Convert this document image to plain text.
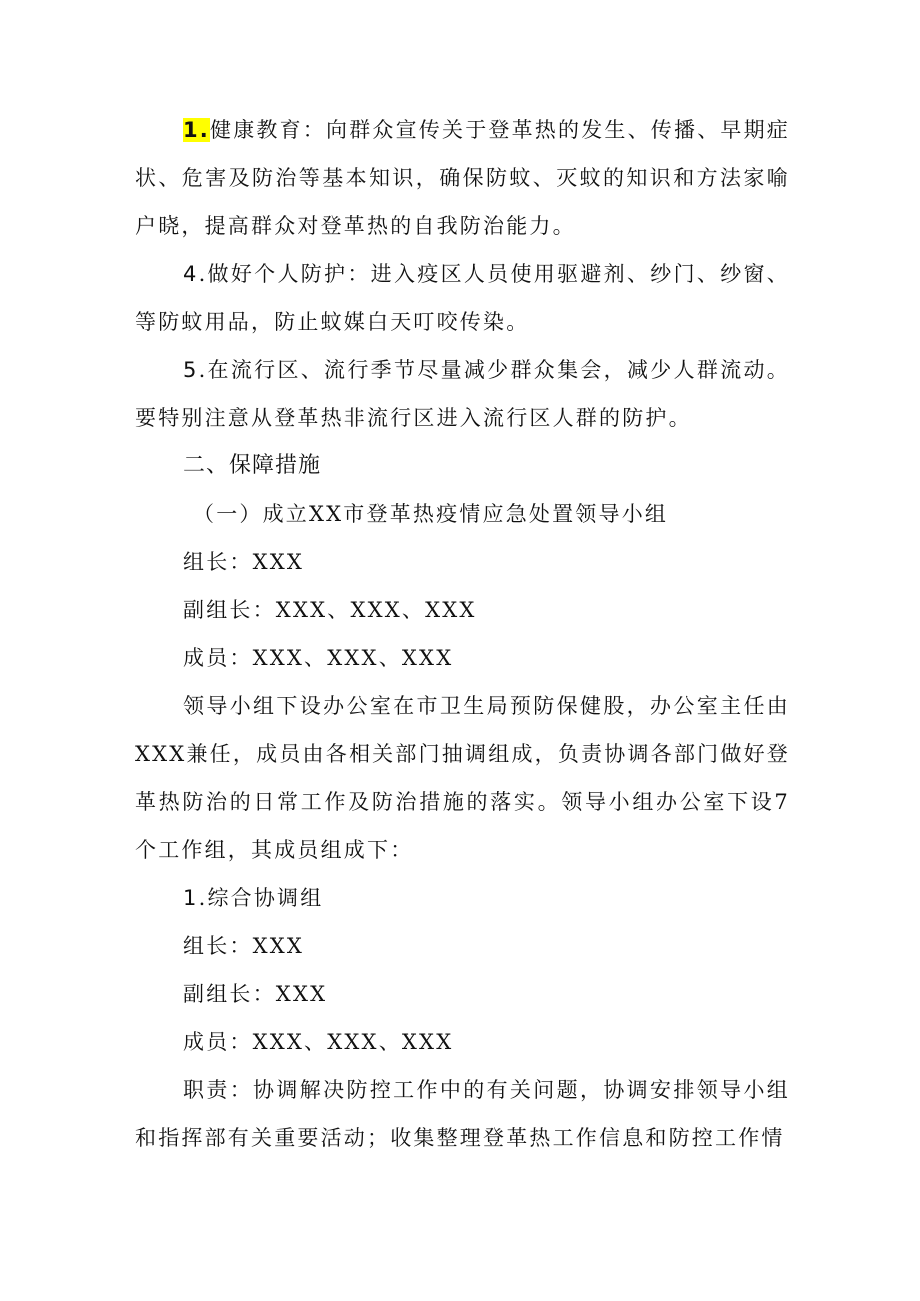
1.健康教育：向群众宣传关于登革热的发生、传播、早期症状、危害及防治等基本知识，确保防蚊、灭蚊的知识和方法家喻户晓，提高群众对登革热的自我防治能力。

4.做好个人防护：进入疫区人员使用驱避剂、纱门、纱窗、等防蚊用品，防止蚊媒白天叮咬传染。

5.在流行区、流行季节尽量减少群众集会，减少人群流动。要特别注意从登革热非流行区进入流行区人群的防护。

二、保障措施

（一）成立XX市登革热疫情应急处置领导小组

组长：XXX

副组长：XXX、XXX、XXX

成员：XXX、XXX、XXX

领导小组下设办公室在市卫生局预防保健股，办公室主任由XXX兼任，成员由各相关部门抽调组成，负责协调各部门做好登革热防治的日常工作及防治措施的落实。领导小组办公室下设7个工作组，其成员组成下：

1.综合协调组

组长：XXX

副组长：XXX

成员：XXX、XXX、XXX

职责：协调解决防控工作中的有关问题，协调安排领导小组和指挥部有关重要活动；收集整理登革热工作信息和防控工作情
